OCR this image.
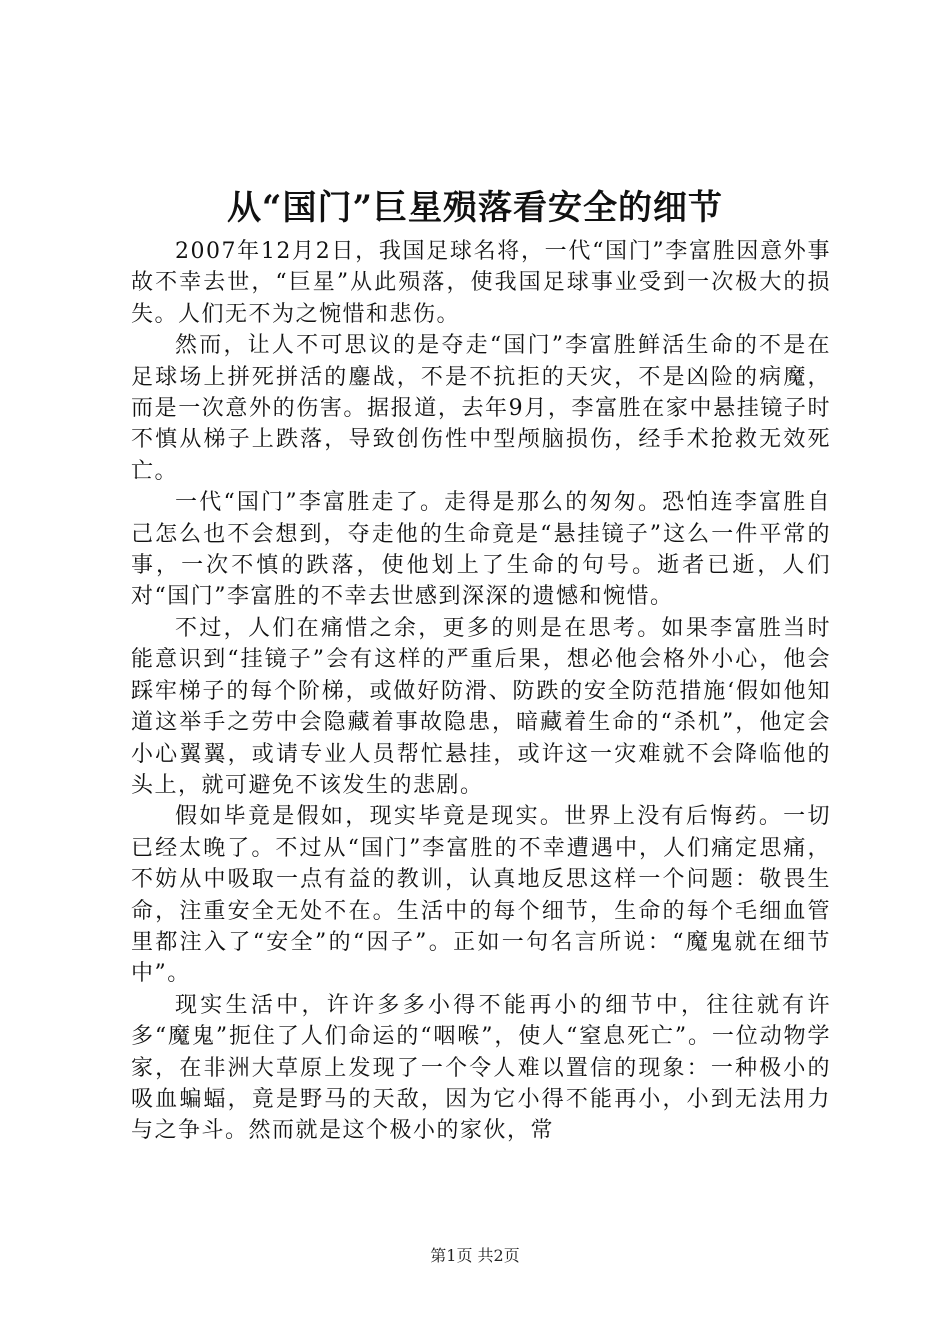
从“国门”巨星殒落看安全的细节

2007年12月2日，我国足球名将，一代“国门”李富胜因意外事故不幸去世，“巨星”从此殒落，使我国足球事业受到一次极大的损失。人们无不为之惋惜和悲伤。

然而，让人不可思议的是夺走“国门”李富胜鲜活生命的不是在足球场上拼死拼活的鏖战，不是不抗拒的天灾，不是凶险的病魔，而是一次意外的伤害。据报道，去年9月，李富胜在家中悬挂镜子时不慎从梯子上跌落，导致创伤性中型颅脑损伤，经手术抢救无效死亡。

一代“国门”李富胜走了。走得是那么的匆匆。恐怕连李富胜自己怎么也不会想到，夺走他的生命竟是“悬挂镜子”这么一件平常的事，一次不慎的跌落，使他划上了生命的句号。逝者已逝，人们对“国门”李富胜的不幸去世感到深深的遗憾和惋惜。

不过，人们在痛惜之余，更多的则是在思考。如果李富胜当时能意识到“挂镜子”会有这样的严重后果，想必他会格外小心，他会踩牢梯子的每个阶梯，或做好防滑、防跌的安全防范措施‘假如他知道这举手之劳中会隐藏着事故隐患，暗藏着生命的“杀机”，他定会小心翼翼，或请专业人员帮忙悬挂，或许这一灾难就不会降临他的头上，就可避免不该发生的悲剧。

假如毕竟是假如，现实毕竟是现实。世界上没有后悔药。一切已经太晚了。不过从“国门”李富胜的不幸遭遇中，人们痛定思痛，不妨从中吸取一点有益的教训，认真地反思这样一个问题：敬畏生命，注重安全无处不在。生活中的每个细节，生命的每个毛细血管里都注入了“安全”的“因子”。正如一句名言所说：“魔鬼就在细节中”。

现实生活中，许许多多小得不能再小的细节中，往往就有许多“魔鬼”扼住了人们命运的“咽喉”，使人“窒息死亡”。一位动物学家，在非洲大草原上发现了一个令人难以置信的现象：一种极小的吸血蝙蝠，竟是野马的天敌，因为它小得不能再小，小到无法用力与之争斗。然而就是这个极小的家伙，常

第1页 共2页
